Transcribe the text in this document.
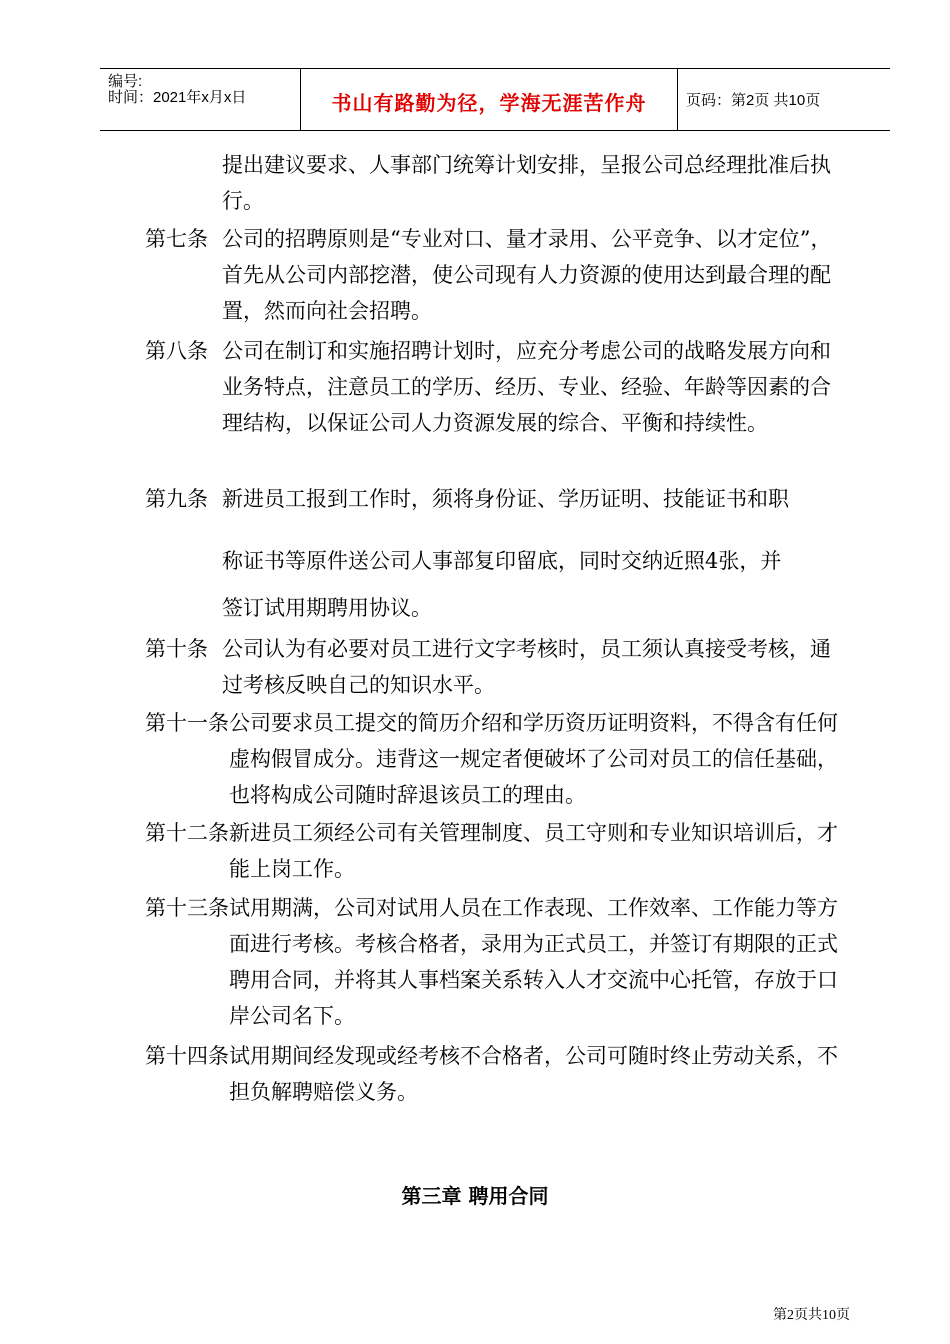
编号:
时间：2021年x月x日	书山有路勤为径，学海无涯苦作舟	页码：第2页 共10页
提出建议要求、人事部门统筹计划安排，呈报公司总经理批准后执行。
第七条 公司的招聘原则是“专业对口、量才录用、公平竞争、以才定位”，首先从公司内部挖潜，使公司现有人力资源的使用达到最合理的配置，然而向社会招聘。
第八条 公司在制订和实施招聘计划时，应充分考虑公司的战略发展方向和业务特点，注意员工的学历、经历、专业、经验、年龄等因素的合理结构，以保证公司人力资源发展的综合、平衡和持续性。
第九条 新进员工报到工作时，须将身份证、学历证明、技能证书和职
称证书等原件送公司人事部复印留底，同时交纳近照4张，并
签订试用期聘用协议。
第十条 公司认为有必要对员工进行文字考核时，员工须认真接受考核，通过考核反映自己的知识水平。
第十一条 公司要求员工提交的简历介绍和学历资历证明资料，不得含有任何虚构假冒成分。违背这一规定者便破坏了公司对员工的信任基础，也将构成公司随时辞退该员工的理由。
第十二条 新进员工须经公司有关管理制度、员工守则和专业知识培训后，才能上岗工作。
第十三条 试用期满，公司对试用人员在工作表现、工作效率、工作能力等方面进行考核。考核合格者，录用为正式员工，并签订有期限的正式聘用合同，并将其人事档案关系转入人才交流中心托管，存放于口岸公司名下。
第十四条 试用期间经发现或经考核不合格者，公司可随时终止劳动关系，不担负解聘赔偿义务。
第三章 聘用合同
第2页共10页
